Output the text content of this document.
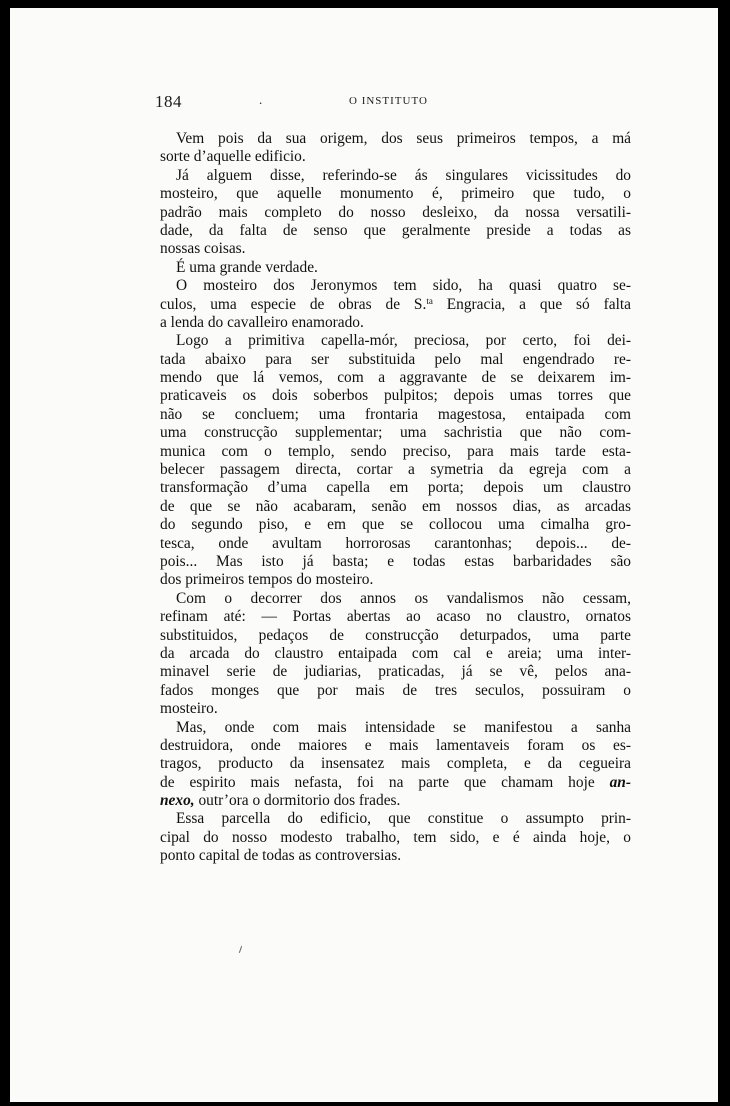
184	.	O INSTITUTO
Vem pois da sua origem, dos seus primeiros tempos, a má
sorte d’aquelle edificio.
Já alguem disse, referindo-se ás singulares vicissitudes do
mosteiro, que aquelle monumento é, primeiro que tudo, o
padrão mais completo do nosso desleixo, da nossa versatili-
dade, da falta de senso que geralmente preside a todas as
nossas coisas.
É uma grande verdade.
O mosteiro dos Jeronymos tem sido, ha quasi quatro se-
culos, uma especie de obras de S.$^{ta}$ Engracia, a que só falta
a lenda do cavalleiro enamorado.
Logo a primitiva capella-mór, preciosa, por certo, foi dei-
tada abaixo para ser substituida pelo mal engendrado re-
mendo que lá vemos, com a aggravante de se deixarem im-
praticaveis os dois soberbos pulpitos; depois umas torres que
não se concluem; uma frontaria magestosa, entaipada com
uma construcção supplementar; uma sachristia que não com-
munica com o templo, sendo preciso, para mais tarde esta-
belecer passagem directa, cortar a symetria da egreja com a
transformação d’uma capella em porta; depois um claustro
de que se não acabaram, senão em nossos dias, as arcadas
do segundo piso, e em que se collocou uma cimalha gro-
tesca, onde avultam horrorosas carantonhas; depois... de-
pois... Mas isto já basta; e todas estas barbaridades são
dos primeiros tempos do mosteiro.
Com o decorrer dos annos os vandalismos não cessam,
refinam até: — Portas abertas ao acaso no claustro, ornatos
substituidos, pedaços de construcção deturpados, uma parte
da arcada do claustro entaipada com cal e areia; uma inter-
minavel serie de judiarias, praticadas, já se vê, pelos ana-
fados monges que por mais de tres seculos, possuiram o
mosteiro.
Mas, onde com mais intensidade se manifestou a sanha
destruidora, onde maiores e mais lamentaveis foram os es-
tragos, producto da insensatez mais completa, e da cegueira
de espirito mais nefasta, foi na parte que chamam hoje an-
nexo, outr’ora o dormitorio dos frades.
Essa parcella do edificio, que constitue o assumpto prin-
cipal do nosso modesto trabalho, tem sido, e é ainda hoje, o
ponto capital de todas as controversias.
